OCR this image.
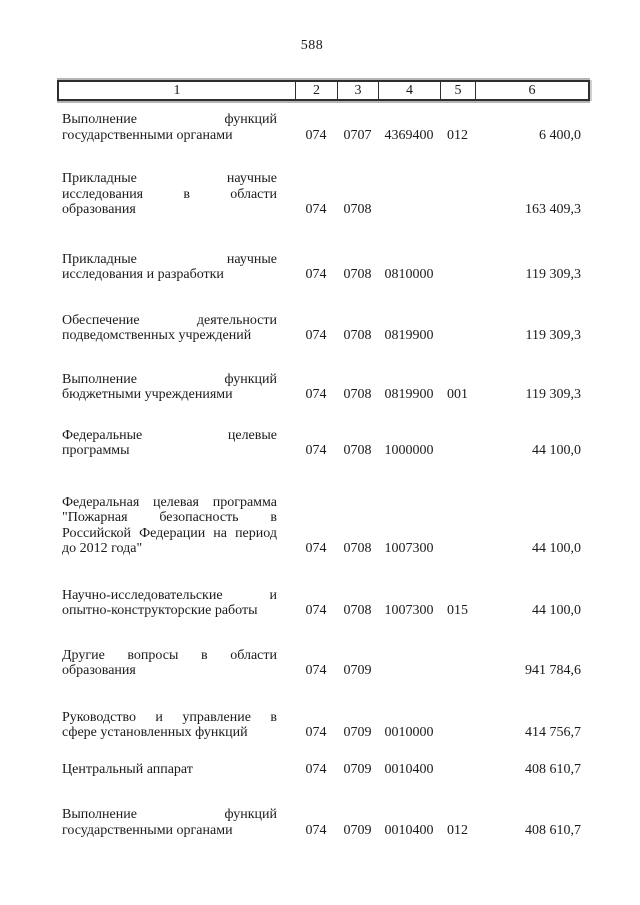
588
1	2	3	4	5	6
Выполнение функций
государственными органами	074	0707 4369400 012	6 400,0
Прикладные научные
исследования в области
образования	074	0708	163 409,3
Прикладные научные
исследования и разработки	074	0708 0810000	119 309,3
Обеспечение деятельности
подведомственных учреждений	074	0708 0819900	119 309,3
Выполнение функций
бюджетными учреждениями	074	0708 0819900 001	119 309,3
Федеральные целевые
программы	074	0708 1000000	44 100,0
Федеральная целевая программа
"Пожарная безопасность в
Российской Федерации на период
до 2012 года"	074	0708 1007300	44 100,0
Научно-исследовательские и
опытно-конструкторские работы	074	0708 1007300 015	44 100,0
Другие вопросы в области
образования	074	0709	941 784,6
Руководство и управление в
сфере установленных функций	074	0709 0010000	414 756,7
Центральный аппарат	074	0709 0010400	408 610,7
Выполнение функций
государственными органами	074	0709 0010400 012	408 610,7
